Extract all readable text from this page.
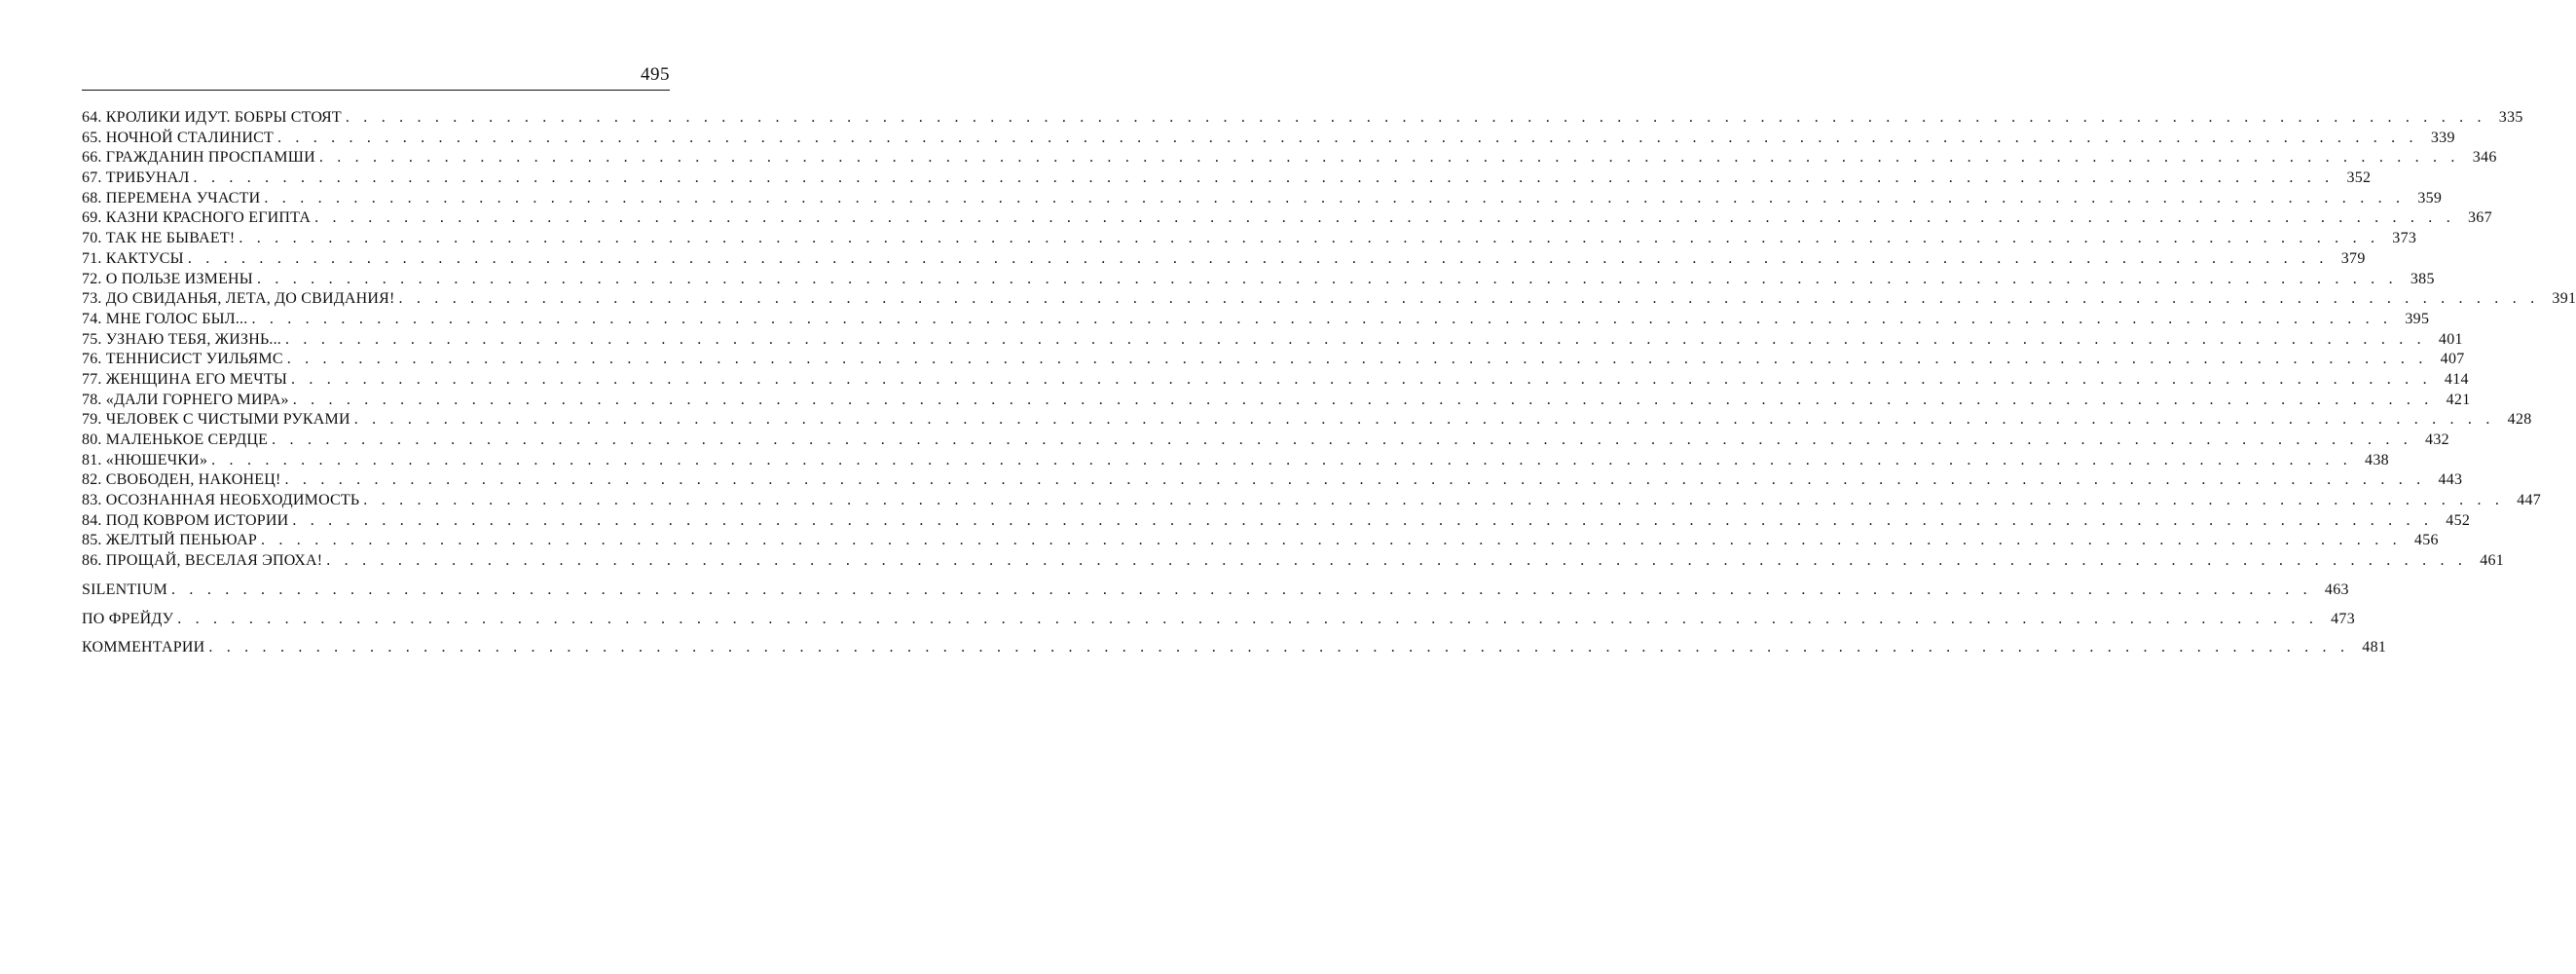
495
64. КРОЛИКИ ИДУТ. БОБРЫ СТОЯТ . . . . . . . . . . . . . . . . . . . . . . . . . . . . . . . . . . . . . . . . . . . . . . . . . . . . . . . . . . . . . . . . . . . . . . . . . . . . . . . . . . . . . . . . . . . . . . . . . . . . . . . . . . . . . . . . . . . . . . . . 335
65. НОЧНОЙ СТАЛИНИСТ . . . . . . . . . . . . . . . . . . . . . . . . . . . . . . . . . . . . . . . . . . . . . . . . . . . . . . . . . . . . . . . . . . . . . . . . . . . . . . . . . . . . . . . . . . . . . . . . . . . . . . . . . . . . . . . . . . . . . . . . 339
66. ГРАЖДАНИН ПРОСПАМШИ . . . . . . . . . . . . . . . . . . . . . . . . . . . . . . . . . . . . . . . . . . . . . . . . . . . . . . . . . . . . . . . . . . . . . . . . . . . . . . . . . . . . . . . . . . . . . . . . . . . . . . . . . . . . . . . . . . . . . . . . 346
67. ТРИБУНАЛ . . . . . . . . . . . . . . . . . . . . . . . . . . . . . . . . . . . . . . . . . . . . . . . . . . . . . . . . . . . . . . . . . . . . . . . . . . . . . . . . . . . . . . . . . . . . . . . . . . . . . . . . . . . . . . . . . . . . . . . . 352
68. ПЕРЕМЕНА УЧАСТИ . . . . . . . . . . . . . . . . . . . . . . . . . . . . . . . . . . . . . . . . . . . . . . . . . . . . . . . . . . . . . . . . . . . . . . . . . . . . . . . . . . . . . . . . . . . . . . . . . . . . . . . . . . . . . . . . . . . . . . . . 359
69. КАЗНИ КРАСНОГО ЕГИПТА . . . . . . . . . . . . . . . . . . . . . . . . . . . . . . . . . . . . . . . . . . . . . . . . . . . . . . . . . . . . . . . . . . . . . . . . . . . . . . . . . . . . . . . . . . . . . . . . . . . . . . . . . . . . . . . . . . . . . . . . 367
70. ТАК НЕ БЫВАЕТ! . . . . . . . . . . . . . . . . . . . . . . . . . . . . . . . . . . . . . . . . . . . . . . . . . . . . . . . . . . . . . . . . . . . . . . . . . . . . . . . . . . . . . . . . . . . . . . . . . . . . . . . . . . . . . . . . . . . . . . . . 373
71. КАКТУСЫ . . . . . . . . . . . . . . . . . . . . . . . . . . . . . . . . . . . . . . . . . . . . . . . . . . . . . . . . . . . . . . . . . . . . . . . . . . . . . . . . . . . . . . . . . . . . . . . . . . . . . . . . . . . . . . . . . . . . . . . . 379
72. О ПОЛЬЗЕ ИЗМЕНЫ . . . . . . . . . . . . . . . . . . . . . . . . . . . . . . . . . . . . . . . . . . . . . . . . . . . . . . . . . . . . . . . . . . . . . . . . . . . . . . . . . . . . . . . . . . . . . . . . . . . . . . . . . . . . . . . . . . . . . . . . 385
73. ДО СВИДАНЬЯ, ЛЕТА, ДО СВИДАНИЯ! . . . . . . . . . . . . . . . . . . . . . . . . . . . . . . . . . . . . . . . . . . . . . . . . . . . . . . . . . . . . . . . . . . . . . . . . . . . . . . . . . . . . . . . . . . . . . . . . . . . . . . . . . . . . . . . . . . . . . . . . 391
74. МНЕ ГОЛОС БЫЛ... . . . . . . . . . . . . . . . . . . . . . . . . . . . . . . . . . . . . . . . . . . . . . . . . . . . . . . . . . . . . . . . . . . . . . . . . . . . . . . . . . . . . . . . . . . . . . . . . . . . . . . . . . . . . . . . . . . . . . . . . 395
75. УЗНАЮ ТЕБЯ, ЖИЗНЬ... . . . . . . . . . . . . . . . . . . . . . . . . . . . . . . . . . . . . . . . . . . . . . . . . . . . . . . . . . . . . . . . . . . . . . . . . . . . . . . . . . . . . . . . . . . . . . . . . . . . . . . . . . . . . . . . . . . . . . . . . 401
76. ТЕННИСИСТ УИЛЬЯМС . . . . . . . . . . . . . . . . . . . . . . . . . . . . . . . . . . . . . . . . . . . . . . . . . . . . . . . . . . . . . . . . . . . . . . . . . . . . . . . . . . . . . . . . . . . . . . . . . . . . . . . . . . . . . . . . . . . . . . . . 407
77. ЖЕНЩИНА ЕГО МЕЧТЫ . . . . . . . . . . . . . . . . . . . . . . . . . . . . . . . . . . . . . . . . . . . . . . . . . . . . . . . . . . . . . . . . . . . . . . . . . . . . . . . . . . . . . . . . . . . . . . . . . . . . . . . . . . . . . . . . . . . . . . . . 414
78. «ДАЛИ ГОРНЕГО МИРА» . . . . . . . . . . . . . . . . . . . . . . . . . . . . . . . . . . . . . . . . . . . . . . . . . . . . . . . . . . . . . . . . . . . . . . . . . . . . . . . . . . . . . . . . . . . . . . . . . . . . . . . . . . . . . . . . . . . . . . . . 421
79. ЧЕЛОВЕК С ЧИСТЫМИ РУКАМИ . . . . . . . . . . . . . . . . . . . . . . . . . . . . . . . . . . . . . . . . . . . . . . . . . . . . . . . . . . . . . . . . . . . . . . . . . . . . . . . . . . . . . . . . . . . . . . . . . . . . . . . . . . . . . . . . . . . . . . . . 428
80. МАЛЕНЬКОЕ СЕРДЦЕ . . . . . . . . . . . . . . . . . . . . . . . . . . . . . . . . . . . . . . . . . . . . . . . . . . . . . . . . . . . . . . . . . . . . . . . . . . . . . . . . . . . . . . . . . . . . . . . . . . . . . . . . . . . . . . . . . . . . . . . . 432
81. «НЮШЕЧКИ» . . . . . . . . . . . . . . . . . . . . . . . . . . . . . . . . . . . . . . . . . . . . . . . . . . . . . . . . . . . . . . . . . . . . . . . . . . . . . . . . . . . . . . . . . . . . . . . . . . . . . . . . . . . . . . . . . . . . . . . . 438
82. СВОБОДЕН, НАКОНЕЦ! . . . . . . . . . . . . . . . . . . . . . . . . . . . . . . . . . . . . . . . . . . . . . . . . . . . . . . . . . . . . . . . . . . . . . . . . . . . . . . . . . . . . . . . . . . . . . . . . . . . . . . . . . . . . . . . . . . . . . . . . 443
83. ОСОЗНАННАЯ НЕОБХОДИМОСТЬ . . . . . . . . . . . . . . . . . . . . . . . . . . . . . . . . . . . . . . . . . . . . . . . . . . . . . . . . . . . . . . . . . . . . . . . . . . . . . . . . . . . . . . . . . . . . . . . . . . . . . . . . . . . . . . . . . . . . . . . . 447
84. ПОД КОВРОМ ИСТОРИИ . . . . . . . . . . . . . . . . . . . . . . . . . . . . . . . . . . . . . . . . . . . . . . . . . . . . . . . . . . . . . . . . . . . . . . . . . . . . . . . . . . . . . . . . . . . . . . . . . . . . . . . . . . . . . . . . . . . . . . . . 452
85. ЖЕЛТЫЙ ПЕНЬЮАР . . . . . . . . . . . . . . . . . . . . . . . . . . . . . . . . . . . . . . . . . . . . . . . . . . . . . . . . . . . . . . . . . . . . . . . . . . . . . . . . . . . . . . . . . . . . . . . . . . . . . . . . . . . . . . . . . . . . . . . . 456
86. ПРОЩАЙ, ВЕСЕЛАЯ ЭПОХА! . . . . . . . . . . . . . . . . . . . . . . . . . . . . . . . . . . . . . . . . . . . . . . . . . . . . . . . . . . . . . . . . . . . . . . . . . . . . . . . . . . . . . . . . . . . . . . . . . . . . . . . . . . . . . . . . . . . . . . . . 461
SILENTIUM . . . . . . . . . . . . . . . . . . . . . . . . . . . . . . . . . . . . . . . . . . . . . . . . . . . . . . . . . . . . . . . . . . . . . . . . . . . . . . . . . . . . . . . . . . . . . . . . . . . . . . . . . . . . . . . . . . . . . . . . 463
ПО ФРЕЙДУ . . . . . . . . . . . . . . . . . . . . . . . . . . . . . . . . . . . . . . . . . . . . . . . . . . . . . . . . . . . . . . . . . . . . . . . . . . . . . . . . . . . . . . . . . . . . . . . . . . . . . . . . . . . . . . . . . . . . . . . . 473
КОММЕНТАРИИ . . . . . . . . . . . . . . . . . . . . . . . . . . . . . . . . . . . . . . . . . . . . . . . . . . . . . . . . . . . . . . . . . . . . . . . . . . . . . . . . . . . . . . . . . . . . . . . . . . . . . . . . . . . . . . . . . . . . . . . . 481
